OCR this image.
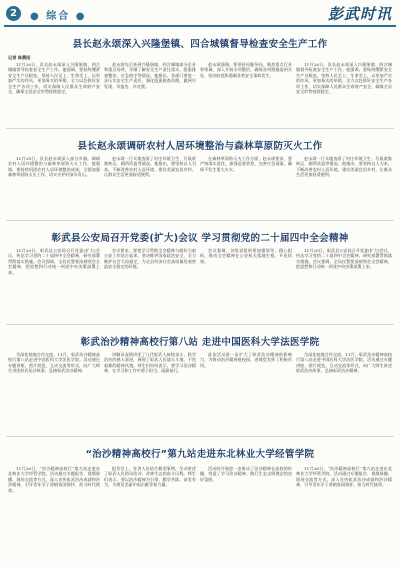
2	● 综合 ●	彭武时讯
县长赵永颂深入兴隆堡镇、四合城镇督导检查安全生产工作
记者 陈晨阳

11月26日，县长赵永颂深入兴隆堡镇、四合城镇督导检查安全生产工作。他强调，要始终绷紧安全生产这根弦，坚持人民至上、生命至上，以更加严实的作风、更加务实的举措，全力以赴抓好安全生产各项工作，切实保障人民群众生命财产安全，确保全县安全形势持续稳定。

赵永颂先后来到兴隆堡镇、四合城镇部分企业和重点场所，详细了解安全生产责任落实、隐患排查整治、应急值守等情况。他指出，各部门要进一步压实安全生产责任，强化隐患排查治理，做到早发现、早报告、早处置。

赵永颂强调，要坚持问题导向，聚焦重点行业和领域，深入开展专项整治，确保各项措施落到实处，坚决防范和遏制各类安全事故发生。

11月26日，县长赵永颂深入兴隆堡镇、四合城镇督导检查安全生产工作。他强调，要始终绷紧安全生产这根弦，坚持人民至上、生命至上，以更加严实的作风、更加务实的举措，全力以赴抓好安全生产各项工作，切实保障人民群众生命财产安全，确保全县安全形势持续稳定。

县长赵永颂调研农村人居环境整治与森林草原防灭火工作

11月28日，县长赵永颂深入部分乡镇，调研农村人居环境整治与森林草原防灭火工作。他强调，要持续巩固农村人居环境整治成果，全面加强森林草原防灭火工作，切实守护好绿水青山。

赵永颂一行实地查看了村庄环境卫生、垃圾收集转运、厕所改造等情况。他指出，要坚持以人为本，不断改善农村人居环境，建设美丽宜居乡村，让群众生活更加舒适便利。

在森林草原防灭火工作方面，赵永颂要求，要严格落实责任，加强巡查管控，完善应急预案，确保不发生重大火灾。

赵永颂一行实地查看了村庄环境卫生、垃圾收集转运、厕所改造等情况。他指出，要坚持以人为本，不断改善农村人居环境，建设美丽宜居乡村，让群众生活更加舒适便利。

彰武县公安局召开党委(扩大)会议 学习贯彻党的二十届四中全会精神

11月20日，彰武县公安局召开党委(扩大)会议，传达学习党的二十届四中全会精神，研究部署贯彻落实措施。会议强调，全局民警要深刻领会全会精神，把思想和行动统一到党中央决策部署上来。

会议要求，要把学习贯彻全会精神与做好当前公安工作结合起来，坚决维护国家政治安全，全力维护社会大局稳定，为全县经济社会高质量发展营造安全稳定的环境。

会议强调，各级党组织要加强领导，精心组织，推动全会精神在公安机关落地生根、开花结果。

11月20日，彰武县公安局召开党委(扩大)会议，传达学习党的二十届四中全会精神，研究部署贯彻落实措施。会议强调，全局民警要深刻领会全会精神，把思想和行动统一到党中央决策部署上来。

彰武治沙精神高校行第八站 走进中国医科大学法医学院

为深化校地合作交流，11月，彰武治沙精神高校行第八站走进中国医科大学法医学院。活动通过专题讲座、图片展览、互动交流等形式，向广大师生讲述彰武治沙故事，弘扬彰武治沙精神。

讲解员深情讲述了几代彰武人接续奋斗、科学治沙的感人事迹，展现了彰武人民战天斗地、不畏艰难的精神风貌。师生们纷纷表示，要学习治沙精神，在学习和工作中勇于担当、砥砺前行。

此次活动进一步扩大了彰武治沙精神的影响力，为推动治沙精神进校园、进课堂发挥了积极作用。

为深化校地合作交流，11月，彰武治沙精神高校行第八站走进中国医科大学法医学院。活动通过专题讲座、图片展览、互动交流等形式，向广大师生讲述彰武治沙故事，弘扬彰武治沙精神。

“治沙精神高校行”第九站走进东北林业大学经管学院

11月26日，“治沙精神高校行”第九站走进东北林业大学经管学院。活动通过专题报告、视频展播、现场交流等方式，深入宣传彰武治沙成就和治沙精神，引导青年学子厚植家国情怀、担当时代使命。

报告会上，宣讲人员结合典型事例，生动讲述了彰武人民防风治沙、改善生态的奋斗历程。师生们表示，要以治沙精神为引领，勤学苦练、奋发有为，为建设美丽中国贡献青春力量。

活动的开展进一步推动了治沙精神在高校的传播，营造了学习治沙精神、践行生态文明理念的良好氛围。

11月26日，“治沙精神高校行”第九站走进东北林业大学经管学院。活动通过专题报告、视频展播、现场交流等方式，深入宣传彰武治沙成就和治沙精神，引导青年学子厚植家国情怀、担当时代使命。
